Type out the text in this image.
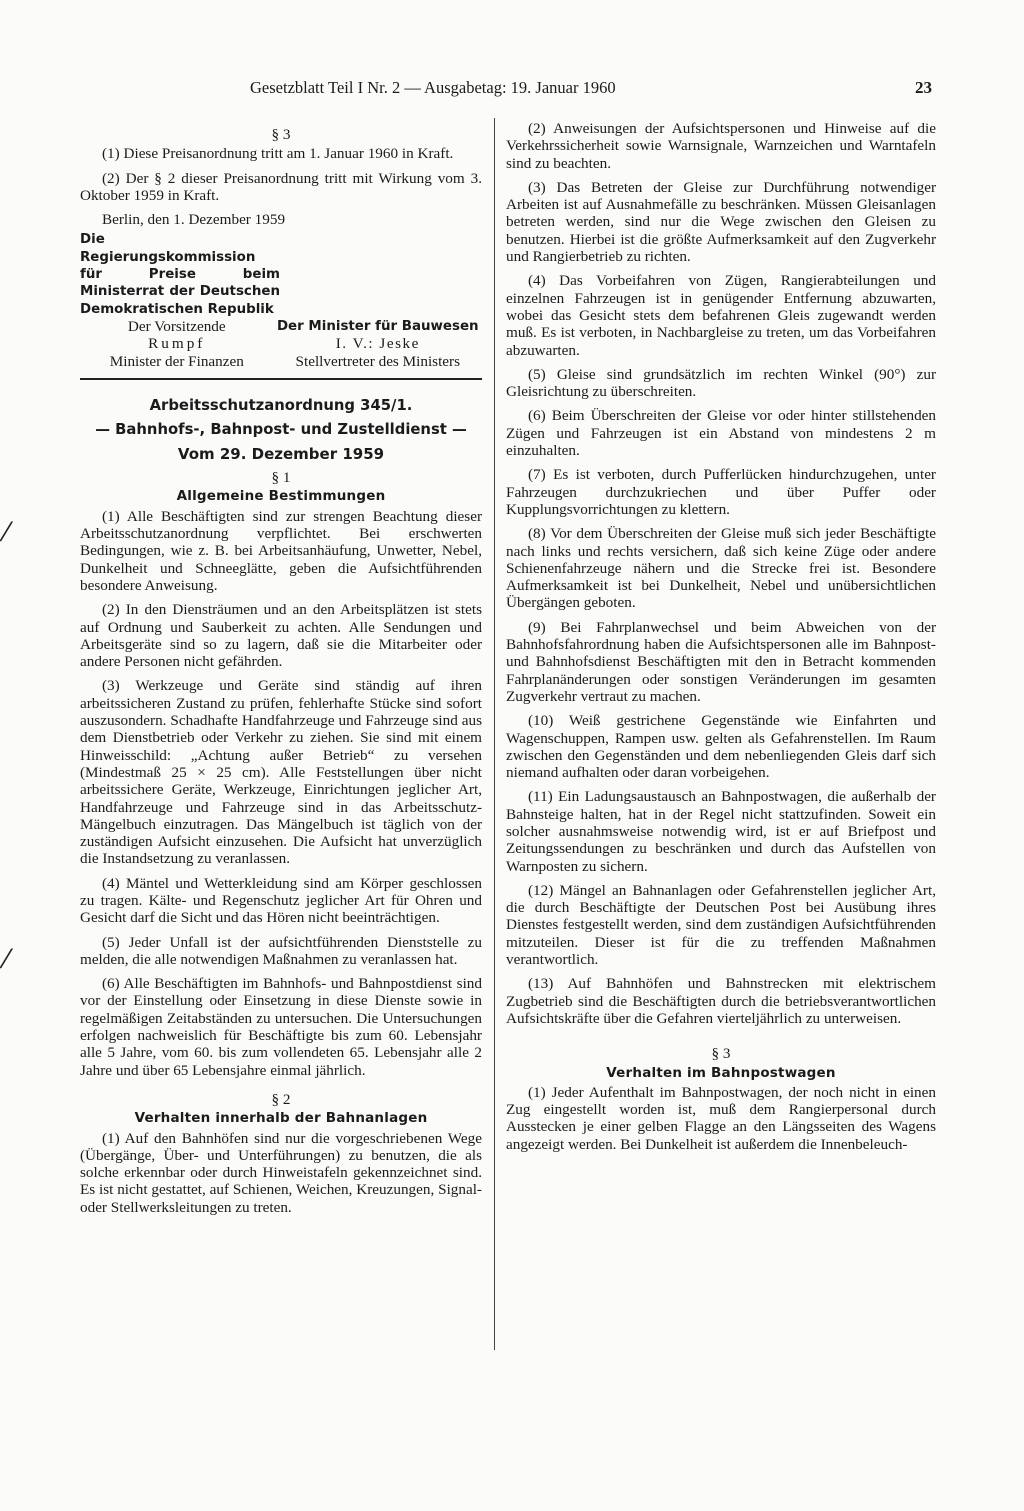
Gesetzblatt Teil I Nr. 2 — Ausgabetag: 19. Januar 1960	23
⁄
⁄
§ 3

(1) Diese Preisanordnung tritt am 1. Januar 1960 in Kraft.

(2) Der § 2 dieser Preisanordnung tritt mit Wirkung vom 3. Oktober 1959 in Kraft.

Berlin, den 1. Dezember 1959

Die Regierungskommission für Preise beim Ministerrat der Deutschen Demokratischen Republik
Der Vorsitzende	Der Minister für Bauwesen
Rumpf	I. V.: Jeske
Minister der Finanzen	Stellvertreter des Ministers
Arbeitsschutzanordnung 345/1.
— Bahnhofs-, Bahnpost- und Zustelldienst —
Vom 29. Dezember 1959
§ 1
Allgemeine Bestimmungen

(1) Alle Beschäftigten sind zur strengen Beachtung dieser Arbeitsschutzanordnung verpflichtet. Bei erschwerten Bedingungen, wie z. B. bei Arbeitsanhäufung, Unwetter, Nebel, Dunkelheit und Schneeglätte, geben die Aufsichtführenden besondere Anweisung.

(2) In den Diensträumen und an den Arbeitsplätzen ist stets auf Ordnung und Sauberkeit zu achten. Alle Sendungen und Arbeitsgeräte sind so zu lagern, daß sie die Mitarbeiter oder andere Personen nicht gefährden.

(3) Werkzeuge und Geräte sind ständig auf ihren arbeitssicheren Zustand zu prüfen, fehlerhafte Stücke sind sofort auszusondern. Schadhafte Handfahrzeuge und Fahrzeuge sind aus dem Dienstbetrieb oder Verkehr zu ziehen. Sie sind mit einem Hinweisschild: „Achtung außer Betrieb“ zu versehen (Mindestmaß 25 × 25 cm). Alle Feststellungen über nicht arbeitssichere Geräte, Werkzeuge, Einrichtungen jeglicher Art, Handfahrzeuge und Fahrzeuge sind in das Arbeitsschutz-Mängelbuch einzutragen. Das Mängelbuch ist täglich von der zuständigen Aufsicht einzusehen. Die Aufsicht hat unverzüglich die Instandsetzung zu veranlassen.

(4) Mäntel und Wetterkleidung sind am Körper geschlossen zu tragen. Kälte- und Regenschutz jeglicher Art für Ohren und Gesicht darf die Sicht und das Hören nicht beeinträchtigen.

(5) Jeder Unfall ist der aufsichtführenden Dienststelle zu melden, die alle notwendigen Maßnahmen zu veranlassen hat.

(6) Alle Beschäftigten im Bahnhofs- und Bahnpostdienst sind vor der Einstellung oder Einsetzung in diese Dienste sowie in regelmäßigen Zeitabständen zu untersuchen. Die Untersuchungen erfolgen nachweislich für Beschäftigte bis zum 60. Lebensjahr alle 5 Jahre, vom 60. bis zum vollendeten 65. Lebensjahr alle 2 Jahre und über 65 Lebensjahre einmal jährlich.

§ 2
Verhalten innerhalb der Bahnanlagen

(1) Auf den Bahnhöfen sind nur die vorgeschriebenen Wege (Übergänge, Über- und Unterführungen) zu benutzen, die als solche erkennbar oder durch Hinweistafeln gekennzeichnet sind. Es ist nicht gestattet, auf Schienen, Weichen, Kreuzungen, Signal- oder Stellwerksleitungen zu treten.

(2) Anweisungen der Aufsichtspersonen und Hinweise auf die Verkehrssicherheit sowie Warnsignale, Warnzeichen und Warntafeln sind zu beachten.

(3) Das Betreten der Gleise zur Durchführung notwendiger Arbeiten ist auf Ausnahmefälle zu beschränken. Müssen Gleisanlagen betreten werden, sind nur die Wege zwischen den Gleisen zu benutzen. Hierbei ist die größte Aufmerksamkeit auf den Zugverkehr und Rangierbetrieb zu richten.

(4) Das Vorbeifahren von Zügen, Rangierabteilungen und einzelnen Fahrzeugen ist in genügender Entfernung abzuwarten, wobei das Gesicht stets dem befahrenen Gleis zugewandt werden muß. Es ist verboten, in Nachbargleise zu treten, um das Vorbeifahren abzuwarten.

(5) Gleise sind grundsätzlich im rechten Winkel (90°) zur Gleisrichtung zu überschreiten.

(6) Beim Überschreiten der Gleise vor oder hinter stillstehenden Zügen und Fahrzeugen ist ein Abstand von mindestens 2 m einzuhalten.

(7) Es ist verboten, durch Pufferlücken hindurchzugehen, unter Fahrzeugen durchzukriechen und über Puffer oder Kupplungsvorrichtungen zu klettern.

(8) Vor dem Überschreiten der Gleise muß sich jeder Beschäftigte nach links und rechts versichern, daß sich keine Züge oder andere Schienenfahrzeuge nähern und die Strecke frei ist. Besondere Aufmerksamkeit ist bei Dunkelheit, Nebel und unübersichtlichen Übergängen geboten.

(9) Bei Fahrplanwechsel und beim Abweichen von der Bahnhofsfahrordnung haben die Aufsichtspersonen alle im Bahnpost- und Bahnhofsdienst Beschäftigten mit den in Betracht kommenden Fahrplanänderungen oder sonstigen Veränderungen im gesamten Zugverkehr vertraut zu machen.

(10) Weiß gestrichene Gegenstände wie Einfahrten und Wagenschuppen, Rampen usw. gelten als Gefahrenstellen. Im Raum zwischen den Gegenständen und dem nebenliegenden Gleis darf sich niemand aufhalten oder daran vorbeigehen.

(11) Ein Ladungsaustausch an Bahnpostwagen, die außerhalb der Bahnsteige halten, hat in der Regel nicht stattzufinden. Soweit ein solcher ausnahmsweise notwendig wird, ist er auf Briefpost und Zeitungssendungen zu beschränken und durch das Aufstellen von Warnposten zu sichern.

(12) Mängel an Bahnanlagen oder Gefahrenstellen jeglicher Art, die durch Beschäftigte der Deutschen Post bei Ausübung ihres Dienstes festgestellt werden, sind dem zuständigen Aufsichtführenden mitzuteilen. Dieser ist für die zu treffenden Maßnahmen verantwortlich.

(13) Auf Bahnhöfen und Bahnstrecken mit elektrischem Zugbetrieb sind die Beschäftigten durch die betriebsverantwortlichen Aufsichtskräfte über die Gefahren vierteljährlich zu unterweisen.

§ 3
Verhalten im Bahnpostwagen

(1) Jeder Aufenthalt im Bahnpostwagen, der noch nicht in einen Zug eingestellt worden ist, muß dem Rangierpersonal durch Ausstecken je einer gelben Flagge an den Längsseiten des Wagens angezeigt werden. Bei Dunkelheit ist außerdem die Innenbeleuch-
